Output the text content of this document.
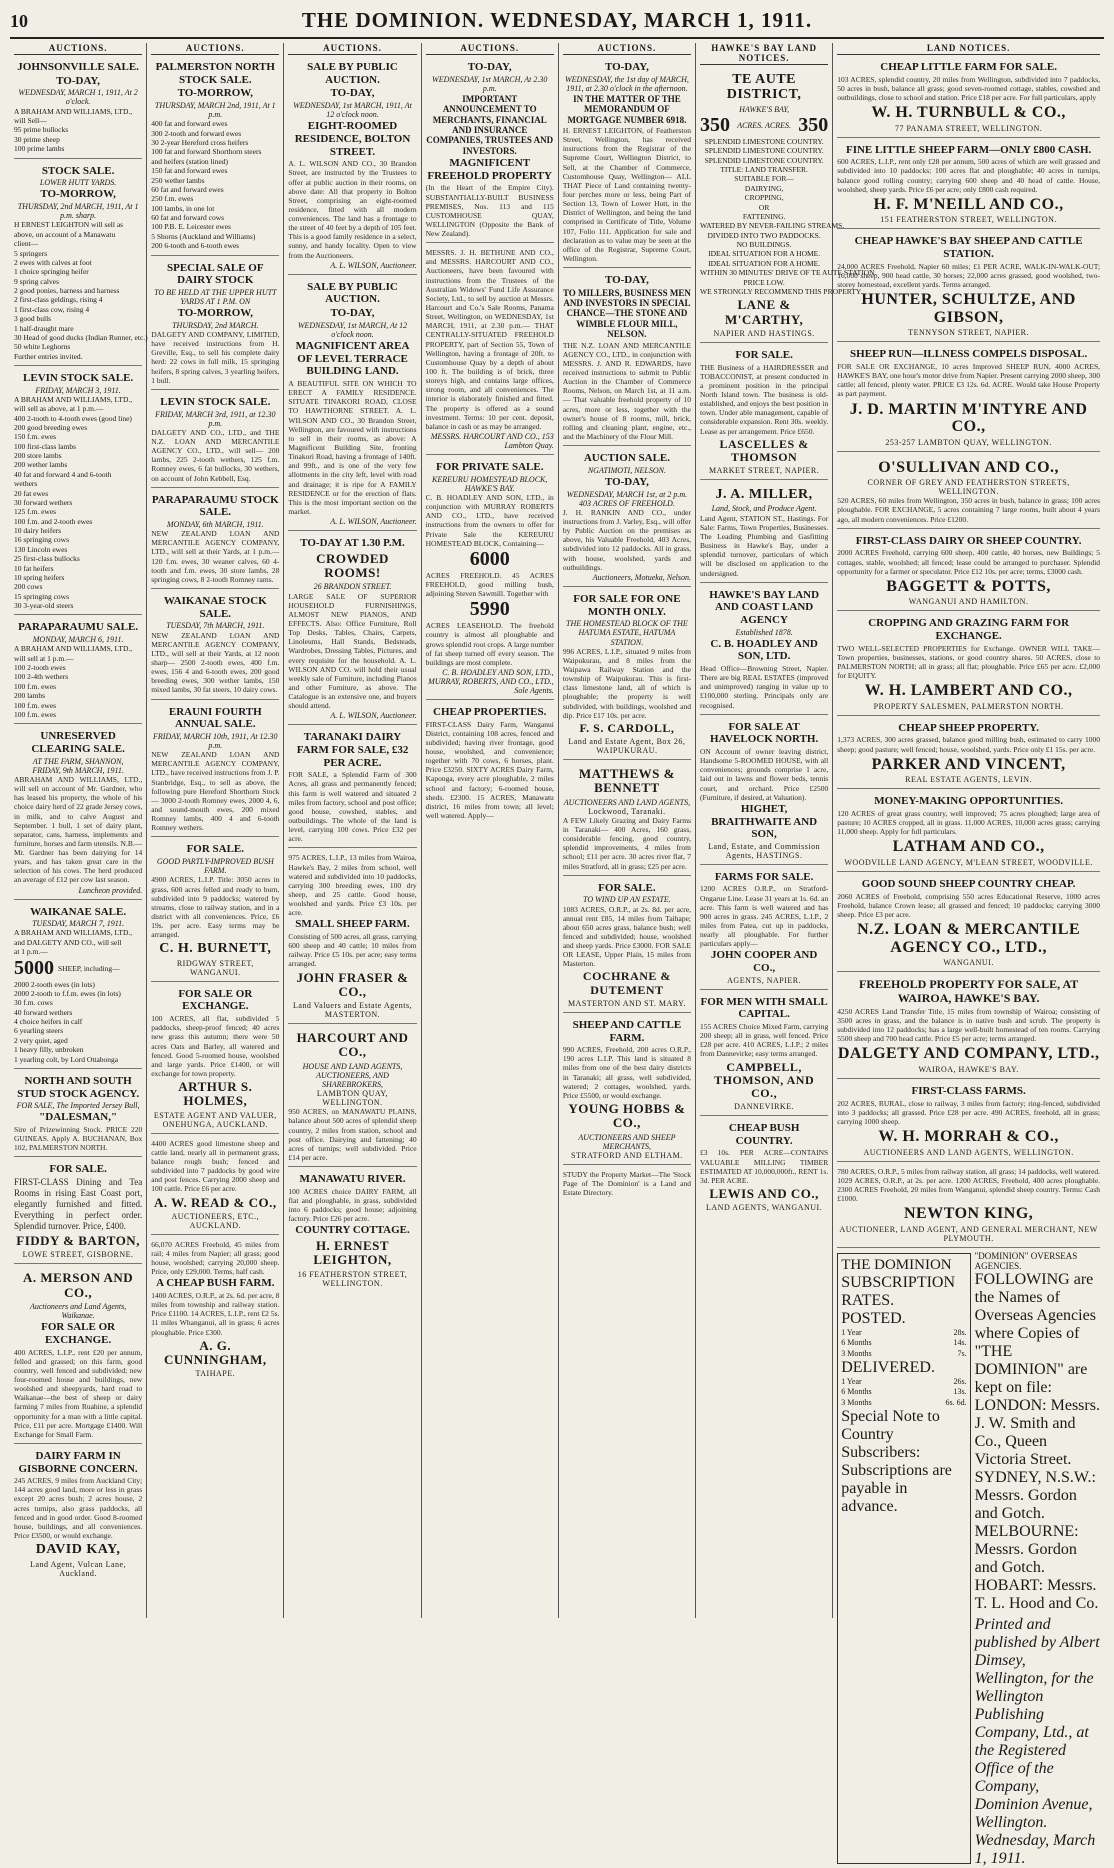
10	THE DOMINION. WEDNESDAY, MARCH 1, 1911.
AUCTIONS.
JOHNSONVILLE SALE.
TO-DAY,
WEDNESDAY, MARCH 1, 1911, At 2 o'clock.
A BRAHAM AND WILLIAMS, LTD.,
will Sell—
95 prime bullocks
30 prime sheep
100 prime lambs
STOCK SALE.
LOWER HUTT YARDS.
TO-MORROW,
THURSDAY, 2nd MARCH, 1911, At 1 p.m. sharp.
H ERNEST LEIGHTON will sell as
above, on account of a Manawatu
client—
5 springers
2 ewes with calves at foot
1 choice springing heifer
9 spring calves
2 good ponies, harness and harness
2 first-class geldings, rising 4
1 first-class cow, rising 4
3 good bulls
1 half-draught mare
30 Head of good ducks (Indian Runner, etc.)
50 white Leghorns
Further entries invited.
LEVIN STOCK SALE.
FRIDAY, MARCH 3, 1911.
A BRAHAM AND WILLIAMS, LTD.,
will sell as above, at 1 p.m.—
400 2-tooth to 4-tooth ewes (good line)
200 good breeding ewes
150 f.m. ewes
100 first-class lambs
200 store lambs
200 wether lambs
40 fat and forward 4 and 6-tooth
wethers
20 fat ewes
30 forward wethers
125 f.m. ewes
100 f.m. and 2-tooth ewes
10 dairy heifers
16 springing cows
130 Lincoln ewes
25 first-class bullocks
10 fat heifers
10 spring heifers
200 cows
15 springing cows
30 3-year-old steers
PARAPARAUMU SALE.
MONDAY, MARCH 6, 1911.
A BRAHAM AND WILLIAMS, LTD.,
will sell at 1 p.m.—
100 2-tooth ewes
100 2-4th wethers
100 f.m. ewes
200 lambs
100 f.m. ewes
100 f.m. ewes
UNRESERVED CLEARING SALE.
AT THE FARM, SHANNON,
FRIDAY, 9th MARCH, 1911.
ABRAHAM AND WILLIAMS, LTD., will sell on account of Mr. Gardner, who has leased his property, the whole of his choice dairy herd of 22 grade Jersey cows, in milk, and to calve August and September. 1 bull, 1 set of dairy plant, separator, cans, harness, implements and furniture, horses and farm utensils. N.B.—Mr. Gardner has been dairying for 14 years, and has taken great care in the selection of his cows. The herd produced an average of £12 per cow last season.
Luncheon provided.
WAIKANAE SALE.
TUESDAY, MARCH 7, 1911.
A BRAHAM AND WILLIAMS, LTD.,
and DALGETY AND CO., will sell
at 1 p.m.—
5000 SHEEP, including—
2000 2-tooth ewes (in lots)
2000 2-tooth to f.f.m. ewes (in lots)
30 f.m. cows
40 forward wethers
4 choice heifers in calf
6 yearling steers
2 very quiet, aged
1 heavy filly, unbroken
1 yearling colt, by Lord Ottabonga
NORTH AND SOUTH STUD STOCK AGENCY.
FOR SALE, The Imported Jersey Bull,
"DALESMAN,"
Sire of Prizewinning Stock. PRICE 220 GUINEAS. Apply A. BUCHANAN, Box 102, PALMERSTON NORTH.
FOR SALE.
FIRST-CLASS Dining and Tea Rooms in rising East Coast port, elegantly furnished and fitted. Everything in perfect order. Splendid turnover. Price, £400.
FIDDY & BARTON,
LOWE STREET, GISBORNE.
A. MERSON AND CO.,
Auctioneers and Land Agents, Waikanae.
FOR SALE OR EXCHANGE.
400 ACRES, L.I.P., rent £20 per annum, felled and grassed; on this farm, good country, well fenced and subdivided; new four-roomed house and buildings, new woolshed and sheepyards, hard road to Waikanae—the best of sheep or dairy farming 7 miles from Ruahine, a splendid opportunity for a man with a little capital. Price, £11 per acre. Mortgage £1400. Will Exchange for Small Farm.
DAIRY FARM IN GISBORNE CONCERN.
245 ACRES, 9 miles from Auckland City; 144 acres good land, more or less in grass except 20 acres bush; 2 acres house, 2 acres turnips, also grass paddocks, all fenced and in good order. Good 8-roomed house, buildings, and all conveniences. Price £3500, or would exchange.
DAVID KAY,
Land Agent, Vulcan Lane, Auckland.
AUCTIONS.
PALMERSTON NORTH STOCK SALE.
TO-MORROW,
THURSDAY, MARCH 2nd, 1911, At 1 p.m.
400 fat and forward ewes
300 2-tooth and forward ewes
30 2-year Hereford cross heifers
100 fat and forward Shorthorn steers
and heifers (station lined)
150 fat and forward ewes
250 wether lambs
60 fat and forward ewes
250 f.m. ewes
100 lambs, in one lot
60 fat and forward cows
100 P.B. E. Leicester ewes
5 Shorns (Auckland and Williams)
200 6-tooth and 6-tooth ewes
SPECIAL SALE OF DAIRY STOCK
TO BE HELD AT THE UPPER HUTT YARDS AT 1 P.M. ON
TO-MORROW,
THURSDAY, 2nd MARCH.
DALGETY AND COMPANY, LIMITED, have received instructions from H. Greville, Esq., to sell his complete dairy herd: 22 cows in full milk, 15 springing heifers, 8 spring calves, 3 yearling heifers, 1 bull.
LEVIN STOCK SALE.
FRIDAY, MARCH 3rd, 1911, at 12.30 p.m.
DALGETY AND CO., LTD., and THE N.Z. LOAN AND MERCANTILE AGENCY CO., LTD., will sell— 200 lambs, 225 2-tooth wethers, 125 f.m. Romney ewes, 6 fat bullocks, 30 wethers, on account of John Kebbell, Esq.
PARAPARAUMU STOCK SALE.
MONDAY, 6th MARCH, 1911.
NEW ZEALAND LOAN AND MERCANTILE AGENCY COMPANY, LTD., will sell at their Yards, at 1 p.m.— 120 f.m. ewes, 30 weaner calves, 60 4-tooth and f.m. ewes, 30 store lambs, 28 springing cows, 8 2-tooth Romney rams.
WAIKANAE STOCK SALE.
TUESDAY, 7th MARCH, 1911.
NEW ZEALAND LOAN AND MERCANTILE AGENCY COMPANY, LTD., will sell at their Yards, at 12 noon sharp— 2500 2-tooth ewes, 400 f.m. ewes, 156 4 and 6-tooth ewes, 200 good breeding ewes, 300 wether lambs, 150 mixed lambs, 30 fat steers, 10 dairy cows.
ERAUNI FOURTH ANNUAL SALE.
FRIDAY, MARCH 10th, 1911, At 12.30 p.m.
NEW ZEALAND LOAN AND MERCANTILE AGENCY COMPANY, LTD., have received instructions from J. P. Stanbridge, Esq., to sell as above, the following pure Hereford Shorthorn Stock— 3000 2-tooth Romney ewes, 2000 4, 6, and sound-mouth ewes, 200 mixed Romney lambs, 400 4 and 6-tooth Romney wethers.
FOR SALE.
GOOD PARTLY-IMPROVED BUSH FARM.
4900 ACRES, L.I.P. Title: 3050 acres in grass, 600 acres felled and ready to burn, subdivided into 9 paddocks; watered by streams, close to railway station, and in a district with all conveniences. Price, £6 19s. per acre. Easy terms may be arranged.
C. H. BURNETT,
RIDGWAY STREET, WANGANUI.
FOR SALE OR EXCHANGE.
100 ACRES, all flat, subdivided 5 paddocks, sheep-proof fenced; 40 acres new grass this autumn; there were 50 acres Oats and Barley, all watered and fenced. Good 5-roomed house, woolshed and large yards. Price £1400, or will exchange for town property.
ARTHUR S. HOLMES,
ESTATE AGENT AND VALUER, ONEHUNGA, AUCKLAND.
4400 ACRES good limestone sheep and cattle land, nearly all in permanent grass, balance rough bush; fenced and subdivided into 7 paddocks by good wire and post fences. Carrying 2000 sheep and 100 cattle. Price £6 per acre.
A. W. READ & CO.,
AUCTIONEERS, ETC., AUCKLAND.
66,070 ACRES Freehold, 45 miles from rail; 4 miles from Napier; all grass; good house, woolshed; carrying 20,000 sheep. Price, only £29,000. Terms, half cash.
A CHEAP BUSH FARM.
1400 ACRES, O.R.P., at 2s. 6d. per acre, 8 miles from township and railway station. Price £1100. 14 ACRES, L.I.P., rent £2 5s. 11 miles Whanganui, all in grass; 6 acres ploughable. Price £300.
A. G. CUNNINGHAM,
TAIHAPE.
AUCTIONS.
SALE BY PUBLIC AUCTION.
TO-DAY,
WEDNESDAY, 1st MARCH, 1911, At 12 o'clock noon.
EIGHT-ROOMED RESIDENCE, BOLTON STREET.
A. L. WILSON AND CO., 30 Brandon Street, are instructed by the Trustees to offer at public auction in their rooms, on above date: All that property in Bolton Street, comprising an eight-roomed residence, fitted with all modern conveniences. The land has a frontage to the street of 40 feet by a depth of 105 feet. This is a good family residence in a select, sunny, and handy locality. Open to view from the Auctioneers.
A. L. WILSON, Auctioneer.
SALE BY PUBLIC AUCTION.
TO-DAY,
WEDNESDAY, 1st MARCH, At 12 o'clock noon.
MAGNIFICENT AREA OF LEVEL TERRACE BUILDING LAND.
A BEAUTIFUL SITE ON WHICH TO ERECT A FAMILY RESIDENCE. SITUATE TINAKORI ROAD, CLOSE TO HAWTHORNE STREET. A. L. WILSON AND CO., 30 Brandon Street, Wellington, are favoured with instructions to sell in their rooms, as above: A Magnificent Building Site, fronting Tinakori Road, having a frontage of 140ft. and 99ft., and is one of the very few allotments in the city left, level with road and drainage; it is ripe for A FAMILY RESIDENCE or for the erection of flats. This is the most important section on the market.
A. L. WILSON, Auctioneer.
TO-DAY AT 1.30 P.M.
CROWDED ROOMS!
26 BRANDON STREET.
LARGE SALE OF SUPERIOR HOUSEHOLD FURNISHINGS, ALMOST NEW PIANOS, AND EFFECTS. Also: Office Furniture, Roll Top Desks, Tables, Chairs, Carpets, Linoleums, Hall Stands, Bedsteads, Wardrobes, Dressing Tables, Pictures, and every requisite for the household. A. L. WILSON AND CO. will hold their usual weekly sale of Furniture, including Pianos and other Furniture, as above. The Catalogue is an extensive one, and buyers should attend.
A. L. WILSON, Auctioneer.
TARANAKI DAIRY FARM FOR SALE, £32 PER ACRE.
FOR SALE, a Splendid Farm of 300 Acres, all grass and permanently fenced; this farm is well watered and situated 2 miles from factory, school and post office; good house, cowshed, stables, and outbuildings. The whole of the land is level, carrying 100 cows. Price £32 per acre.
975 ACRES, L.I.P., 13 miles from Wairoa, Hawke's Bay, 2 miles from school, well watered and subdivided into 10 paddocks, carrying 300 breeding ewes, 100 dry sheep, and 25 cattle. Good house, woolshed and yards. Price £3 10s. per acre.
SMALL SHEEP FARM.
Consisting of 500 acres, all grass, carrying 600 sheep and 40 cattle; 10 miles from railway. Price £5 10s. per acre; easy terms arranged.
JOHN FRASER & CO.,
Land Valuers and Estate Agents, MASTERTON.
HARCOURT AND CO.,
HOUSE AND LAND AGENTS, AUCTIONEERS, AND SHAREBROKERS,
LAMBTON QUAY, WELLINGTON.
950 ACRES, on MANAWATU PLAINS, balance about 500 acres of splendid sheep country, 2 miles from station, school and post office. Dairying and fattening; 40 acres of turnips; well subdivided. Price £14 per acre.
MANAWATU RIVER.
100 ACRES choice DAIRY FARM, all flat and ploughable, in grass, subdivided into 6 paddocks; good house; adjoining factory. Price £26 per acre.
COUNTRY COTTAGE.
H. ERNEST LEIGHTON,
16 FEATHERSTON STREET, WELLINGTON.
AUCTIONS.
TO-DAY,
WEDNESDAY, 1st MARCH, At 2.30 p.m.
IMPORTANT ANNOUNCEMENT TO MERCHANTS, FINANCIAL AND INSURANCE COMPANIES, TRUSTEES AND INVESTORS.
MAGNIFICENT FREEHOLD PROPERTY
(In the Heart of the Empire City). SUBSTANTIALLY-BUILT BUSINESS PREMISES, Nos. 113 and 115 CUSTOMHOUSE QUAY, WELLINGTON (Opposite the Bank of New Zealand).
MESSRS. J. H. BETHUNE AND CO., and MESSRS. HARCOURT AND CO., Auctioneers, have been favoured with instructions from the Trustees of the Australian Widows' Fund Life Assurance Society, Ltd., to sell by auction at Messrs. Harcourt and Co.'s Sale Rooms, Panama Street, Wellington, on WEDNESDAY, 1st MARCH, 1911, at 2.30 p.m.— THAT CENTRALLY-SITUATED FREEHOLD PROPERTY, part of Section 55, Town of Wellington, having a frontage of 20ft. to Customhouse Quay by a depth of about 100 ft. The building is of brick, three storeys high, and contains large offices, strong room, and all conveniences. The interior is elaborately finished and fitted. The property is offered as a sound investment. Terms: 10 per cent. deposit, balance in cash or as may be arranged.
MESSRS. HARCOURT AND CO., 153 Lambton Quay.
FOR PRIVATE SALE.
KEREURU HOMESTEAD BLOCK, HAWKE'S BAY.
C. B. HOADLEY AND SON, LTD., in conjunction with MURRAY ROBERTS AND CO., LTD., have received instructions from the owners to offer for Private Sale the KEREURU HOMESTEAD BLOCK, Containing—
6000
ACRES FREEHOLD. 45 ACRES FREEHOLD, good milling bush, adjoining Steven Sawmill. Together with
5990
ACRES LEASEHOLD. The freehold country is almost all ploughable and grows splendid root crops. A large number of fat sheep turned off every season. The buildings are most complete.
C. B. HOADLEY AND SON, LTD., MURRAY, ROBERTS, AND CO., LTD., Sole Agents.
CHEAP PROPERTIES.
FIRST-CLASS Dairy Farm, Wanganui District, containing 108 acres, fenced and subdivided; having river frontage, good house, woolshed, and convenience; together with 70 cows, 6 horses, plant. Price £3250. SIXTY ACRES Dairy Farm, Kaponga, every acre ploughable, 2 miles school and factory; 6-roomed house, sheds. £2300. 15 ACRES, Manawatu district, 16 miles from town; all level; well watered. Apply—
AUCTIONS.
TO-DAY,
WEDNESDAY, the 1st day of MARCH, 1911, at 2.30 o'clock in the afternoon.
IN THE MATTER OF THE MEMORANDUM OF MORTGAGE NUMBER 6918.
H. ERNEST LEIGHTON, of Featherston Street, Wellington, has received instructions from the Registrar of the Supreme Court, Wellington District, to Sell, at the Chamber of Commerce, Customhouse Quay, Wellington— ALL THAT Piece of Land containing twenty-four perches more or less, being Part of Section 13, Town of Lower Hutt, in the District of Wellington, and being the land comprised in Certificate of Title, Volume 107, Folio 111. Application for sale and declaration as to value may be seen at the office of the Registrar, Supreme Court, Wellington.
TO-DAY,
TO MILLERS, BUSINESS MEN AND INVESTORS IN SPECIAL CHANCE—THE STONE AND WIMBLE FLOUR MILL, NELSON.
THE N.Z. LOAN AND MERCANTILE AGENCY CO., LTD., in conjunction with MESSRS. J. AND R. EDWARDS, have received instructions to submit to Public Auction in the Chamber of Commerce Rooms, Nelson, on March 1st, at 11 a.m.— That valuable freehold property of 10 acres, more or less, together with the owner's house of 8 rooms, mill, brick, rolling and cleaning plant, engine, etc., and the Machinery of the Flour Mill.
AUCTION SALE.
NGATIMOTI, NELSON.
TO-DAY,
WEDNESDAY, MARCH 1st, at 2 p.m. 403 ACRES OF FREEHOLD.
J. H. RANKIN AND CO., under instructions from J. Varley, Esq., will offer by Public Auction on the premises as above, his Valuable Freehold, 403 Acres, subdivided into 12 paddocks. All in grass, with house, woolshed, yards and outbuildings.
Auctioneers, Motueka, Nelson.
FOR SALE FOR ONE MONTH ONLY.
THE HOMESTEAD BLOCK OF THE HATUMA ESTATE, HATUMA STATION.
996 ACRES, L.I.P., situated 9 miles from Waipukurau, and 8 miles from the Waipawa Railway Station and the township of Waipukurau. This is first-class limestone land, all of which is ploughable; the property is well subdivided, with buildings, woolshed and dip. Price £17 10s. per acre.
F. S. CARDOLL,
Land and Estate Agent, Box 26, WAIPUKURAU.
MATTHEWS & BENNETT
AUCTIONEERS AND LAND AGENTS,
Lockwood, Taranaki.
A FEW Likely Grazing and Dairy Farms in Taranaki— 400 Acres, 160 grass, considerable fencing, good country, splendid improvements, 4 miles from school; £11 per acre. 30 acres river flat, 7 miles Stratford, all in grass; £25 per acre.
FOR SALE.
TO WIND UP AN ESTATE.
1083 ACRES, O.R.P., at 2s. 8d. per acre, annual rent £85, 14 miles from Taihape; about 650 acres grass, balance bush; well fenced and subdivided; house, woolshed and sheep yards. Price £3000. FOR SALE OR LEASE, Upper Plain, 15 miles from Masterton.
COCHRANE & DUTEMENT
MASTERTON AND ST. MARY.
SHEEP AND CATTLE FARM.
990 ACRES, Freehold, 200 acres O.R.P., 190 acres L.I.P. This land is situated 8 miles from one of the best dairy districts in Taranaki; all grass, well subdivided, watered; 2 cottages, woolshed, yards. Price £5500, or would exchange.
YOUNG HOBBS & CO.,
AUCTIONEERS AND SHEEP MERCHANTS,
STRATFORD AND ELTHAM.
STUDY the Property Market—The 'Stock Page of The Dominion' is a Land and Estate Directory.
HAWKE'S BAY LAND NOTICES.
TE AUTE DISTRICT,
HAWKE'S BAY,
350 ACRES. ACRES. 350
SPLENDID LIMESTONE COUNTRY.
SPLENDID LIMESTONE COUNTRY.
SPLENDID LIMESTONE COUNTRY.
TITLE: LAND TRANSFER.
SUITABLE FOR—
DAIRYING,
CROPPING,
OR
FATTENING.
WATERED BY NEVER-FAILING STREAMS.
DIVIDED INTO TWO PADDOCKS.
NO BUILDINGS.
IDEAL SITUATION FOR A HOME.
IDEAL SITUATION FOR A HOME.
WITHIN 30 MINUTES' DRIVE OF TE AUTE STATION.
PRICE LOW.
WE STRONGLY RECOMMEND THIS PROPERTY.
LANE & M'CARTHY,
NAPIER AND HASTINGS.
FOR SALE.
THE Business of a HAIRDRESSER and TOBACCONIST, at present conducted in a prominent position in the principal North Island town. The business is old-established, and enjoys the best position in town. Under able management, capable of considerable expansion. Rent 30s. weekly. Lease as per arrangement. Price £650.
LASCELLES & THOMSON
MARKET STREET, NAPIER.
J. A. MILLER,
Land, Stock, and Produce Agent.
Land Agent, STATION ST., Hastings. For Sale: Farms, Town Properties, Businesses. The Leading Plumbing and Gasfitting Business in Hawke's Bay, under a splendid turnover, particulars of which will be disclosed on application to the undersigned.
HAWKE'S BAY LAND AND COAST LAND AGENCY
Established 1878.
C. B. HOADLEY AND SON, LTD.
Head Office—Browning Street, Napier. There are big REAL ESTATES (improved and unimproved) ranging in value up to £100,000 sterling. Principals only are recognised.
FOR SALE AT HAVELOCK NORTH.
ON Account of owner leaving district, Handsome 5-ROOMED HOUSE, with all conveniences; grounds comprise 1 acre, laid out in lawns and flower beds, tennis court, and orchard. Price £2500 (Furniture, if desired, at Valuation).
HIGHET, BRAITHWAITE AND SON,
Land, Estate, and Commission Agents, HASTINGS.
FARMS FOR SALE.
1200 ACRES O.R.P., on Stratford-Ongarue Line. Lease 31 years at 1s. 6d. an acre. This farm is well watered and has 900 acres in grass. 245 ACRES, L.I.P., 2 miles from Patea, cut up in paddocks, nearly all ploughable. For further particulars apply—
JOHN COOPER AND CO.,
AGENTS, NAPIER.
FOR MEN WITH SMALL CAPITAL.
155 ACRES Choice Mixed Farm, carrying 200 sheep; all in grass, well fenced. Price £28 per acre. 410 ACRES, L.I.P.; 2 miles from Dannevirke; easy terms arranged.
CAMPBELL, THOMSON, AND CO.,
DANNEVIRKE.
CHEAP BUSH COUNTRY.
£3 10s. PER ACRE—CONTAINS VALUABLE MILLING TIMBER ESTIMATED AT 10,000,000ft., RENT 1s. 3d. PER ACRE.
LEWIS AND CO.,
LAND AGENTS, WANGANUI.
LAND NOTICES.
CHEAP LITTLE FARM FOR SALE.
103 ACRES, splendid country, 20 miles from Wellington, subdivided into 7 paddocks, 50 acres in bush, balance all grass; good seven-roomed cottage, stables, cowshed and outbuildings, close to school and station. Price £18 per acre. For full particulars, apply
W. H. TURNBULL & CO.,
77 PANAMA STREET, WELLINGTON.
FINE LITTLE SHEEP FARM—ONLY £800 CASH.
600 ACRES, L.I.P., rent only £28 per annum, 500 acres of which are well grassed and subdivided into 10 paddocks; 100 acres flat and ploughable; 40 acres in turnips, balance good rolling country; carrying 600 sheep and 40 head of cattle. House, woolshed, sheep yards. Price £6 per acre; only £800 cash required.
H. F. M'NEILL AND CO.,
151 FEATHERSTON STREET, WELLINGTON.
CHEAP HAWKE'S BAY SHEEP AND CATTLE STATION.
24,000 ACRES Freehold, Napier 60 miles; £1 PER ACRE, WALK-IN-WALK-OUT; 16,000 sheep, 900 head cattle, 30 horses; 22,000 acres grassed, good woolshed, two-storey homestead, excellent yards. Terms arranged.
HUNTER, SCHULTZE, AND GIBSON,
TENNYSON STREET, NAPIER.
SHEEP RUN—ILLNESS COMPELS DISPOSAL.
FOR SALE OR EXCHANGE, 10 acres Improved SHEEP RUN, 4000 ACRES, HAWKE'S BAY, one hour's motor drive from Napier. Present carrying 2000 sheep, 300 cattle; all fenced, plenty water. PRICE £3 12s. 6d. ACRE. Would take House Property as part payment.
J. D. MARTIN M'INTYRE AND CO.,
253-257 LAMBTON QUAY, WELLINGTON.
O'SULLIVAN AND CO.,
CORNER OF GREY AND FEATHERSTON STREETS, WELLINGTON.
520 ACRES, 60 miles from Wellington, 350 acres in bush, balance in grass; 100 acres ploughable. FOR EXCHANGE, 5 acres containing 7 large rooms, built about 4 years ago, all modern conveniences. Price £1200.
FIRST-CLASS DAIRY OR SHEEP COUNTRY.
2000 ACRES Freehold, carrying 600 sheep, 400 cattle, 40 horses, new Buildings; 5 cottages, stable, woolshed; all fenced; lease could be arranged to purchaser. Splendid opportunity for a farmer or speculator. Price £12 10s. per acre; terms, £3000 cash.
BAGGETT & POTTS,
WANGANUI AND HAMILTON.
CROPPING AND GRAZING FARM FOR EXCHANGE.
TWO WELL-SELECTED PROPERTIES for Exchange. OWNER WILL TAKE—Town properties, businesses, stations, or good country shares. 50 ACRES, close to PALMERSTON NORTH; all in grass; all flat; ploughable. Price £65 per acre. £2,000 for EQUITY.
W. H. LAMBERT AND CO.,
PROPERTY SALESMEN, PALMERSTON NORTH.
CHEAP SHEEP PROPERTY.
1,373 ACRES, 300 acres grassed, balance good milling bush, estimated to carry 1000 sheep; good pasture; well fenced; house, woolshed, yards. Price only £1 15s. per acre.
PARKER AND VINCENT,
REAL ESTATE AGENTS, LEVIN.
MONEY-MAKING OPPORTUNITIES.
120 ACRES of great grass country, well improved; 75 acres ploughed; large area of pasture; 10 ACRES cropped, all in grass. 11,000 ACRES, 10,000 acres grass; carrying 11,000 sheep. Apply for full particulars.
LATHAM AND CO.,
WOODVILLE LAND AGENCY, M'LEAN STREET, WOODVILLE.
GOOD SOUND SHEEP COUNTRY CHEAP.
2060 ACRES of Freehold, comprising 550 acres Educational Reserve, 1000 acres Freehold, balance Crown lease; all grassed and fenced; 10 paddocks; carrying 3000 sheep. Price £3 per acre.
N.Z. LOAN & MERCANTILE AGENCY CO., LTD.,
WANGANUI.
FREEHOLD PROPERTY FOR SALE, AT WAIROA, HAWKE'S BAY.
4250 ACRES Land Transfer Title, 15 miles from township of Wairoa; consisting of 3500 acres in grass, and the balance is in native bush and scrub. The property is subdivided into 12 paddocks; has a large well-built homestead of ten rooms. Carrying 5500 sheep and 700 head cattle. Price £5 per acre; terms arranged.
DALGETY AND COMPANY, LTD.,
WAIROA, HAWKE'S BAY.
FIRST-CLASS FARMS.
202 ACRES, RURAL, close to railway, 3 miles from factory; ring-fenced, subdivided into 3 paddocks; all grassed. Price £28 per acre. 490 ACRES, freehold, all in grass; carrying 1000 sheep.
W. H. MORRAH & CO.,
AUCTIONEERS AND LAND AGENTS, WELLINGTON.
780 ACRES, O.R.P., 5 miles from railway station, all grass; 14 paddocks, well watered. 1029 ACRES, O.R.P., at 2s. per acre. 1200 ACRES, Freehold, 400 acres ploughable. 2300 ACRES Freehold, 20 miles from Wanganui, splendid sheep country. Terms: Cash £1000.
NEWTON KING,
AUCTIONEER, LAND AGENT, AND GENERAL MERCHANT, NEW PLYMOUTH.
THE DOMINION
SUBSCRIPTION RATES.
POSTED.
1 Year	28s.
6 Months	14s.
3 Months	7s.
DELIVERED.
1 Year	26s.
6 Months	13s.
3 Months	6s. 6d.
Special Note to Country Subscribers: Subscriptions are payable in advance.
"DOMINION" OVERSEAS AGENCIES.
FOLLOWING are the Names of Overseas Agencies where Copies of "THE DOMINION" are kept on file: LONDON: Messrs. J. W. Smith and Co., Queen Victoria Street. SYDNEY, N.S.W.: Messrs. Gordon and Gotch. MELBOURNE: Messrs. Gordon and Gotch. HOBART: Messrs. T. L. Hood and Co.
Printed and published by Albert Dimsey, Wellington, for the Wellington Publishing Company, Ltd., at the Registered Office of the Company, Dominion Avenue, Wellington. Wednesday, March 1, 1911.
